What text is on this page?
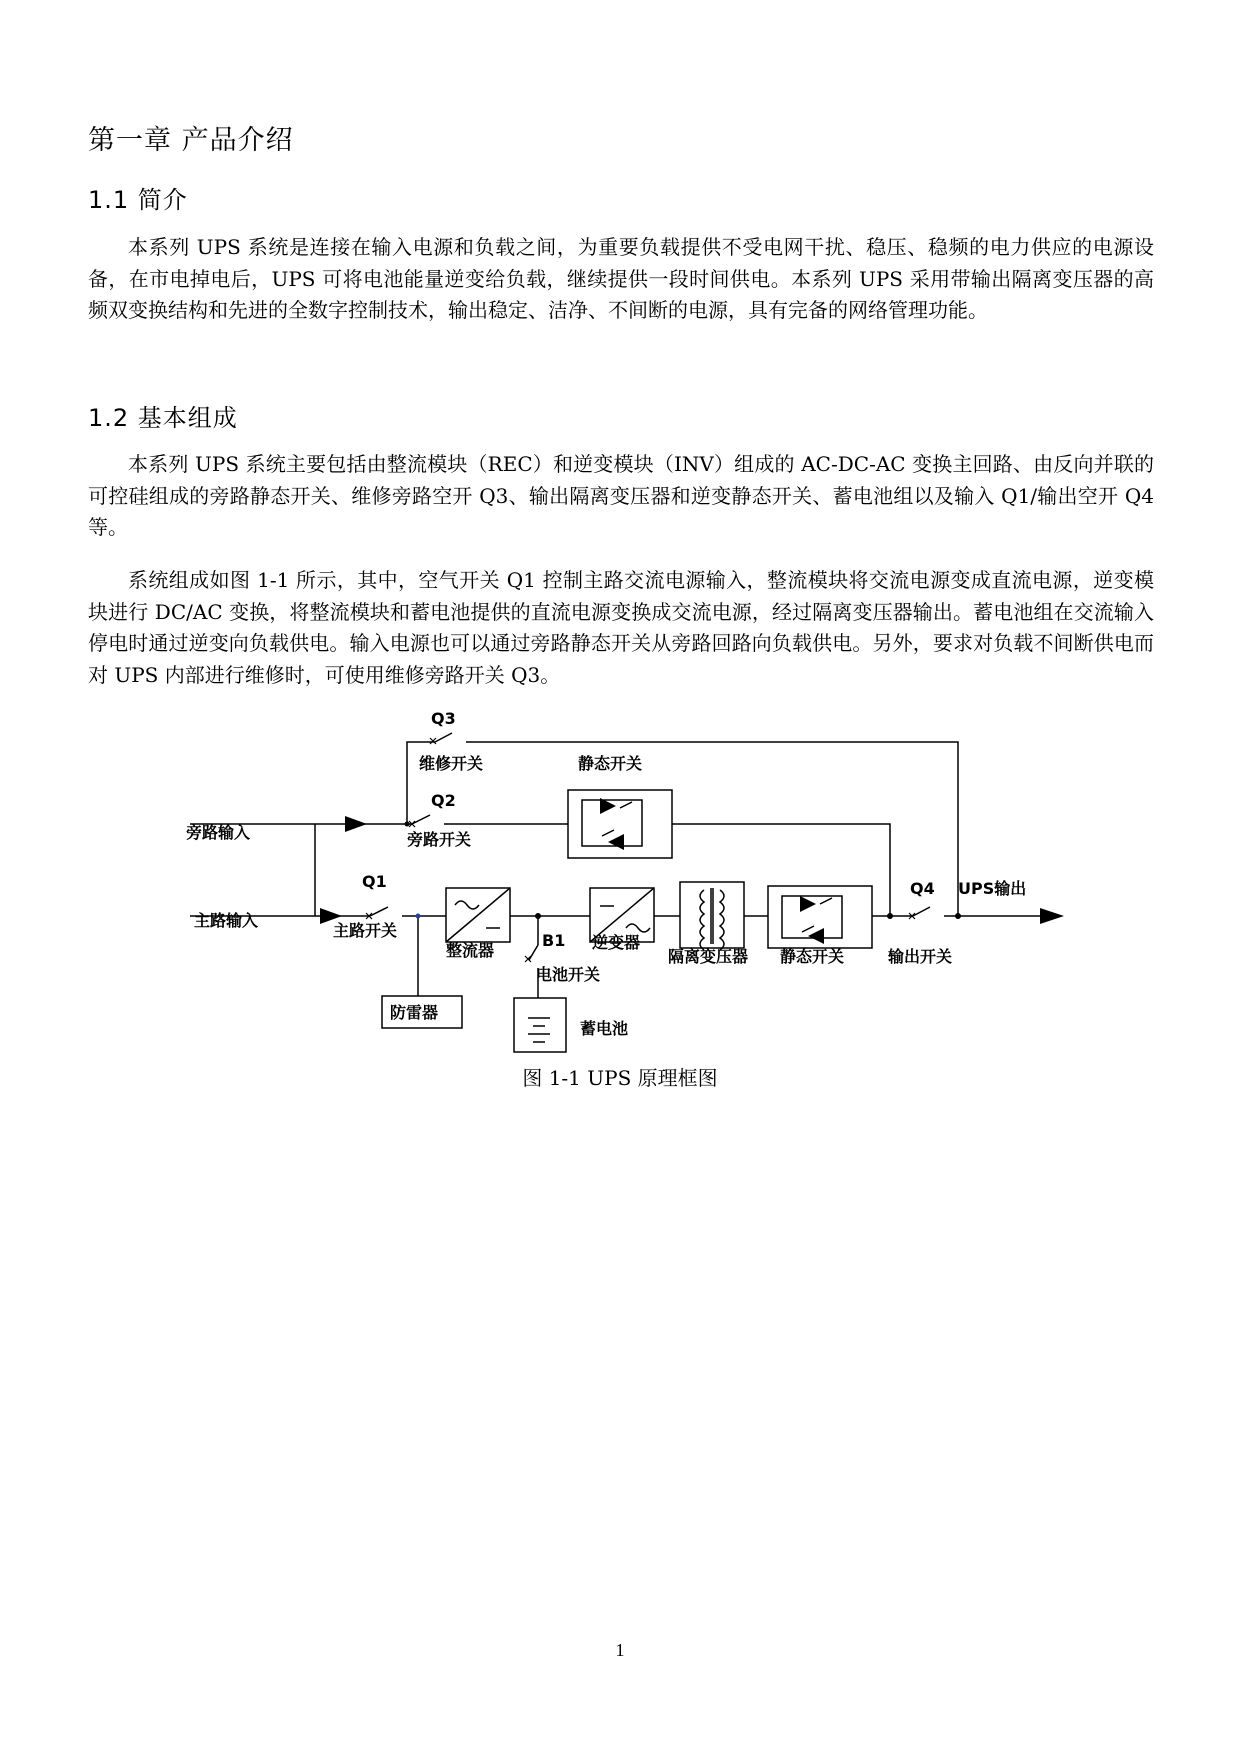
第一章 产品介绍
1.1 简介

本系列 UPS 系统是连接在输入电源和负载之间，为重要负载提供不受电网干扰、稳压、稳频的电力供应的电源设备，在市电掉电后，UPS 可将电池能量逆变给负载，继续提供一段时间供电。本系列 UPS 采用带输出隔离变压器的高频双变换结构和先进的全数字控制技术，输出稳定、洁净、不间断的电源，具有完备的网络管理功能。

1.2 基本组成

本系列 UPS 系统主要包括由整流模块（REC）和逆变模块（INV）组成的 AC-DC-AC 变换主回路、由反向并联的可控硅组成的旁路静态开关、维修旁路空开 Q3、输出隔离变压器和逆变静态开关、蓄电池组以及输入 Q1/输出空开 Q4 等。

系统组成如图 1-1 所示，其中，空气开关 Q1 控制主路交流电源输入，整流模块将交流电源变成直流电源，逆变模块进行 DC/AC 变换，将整流模块和蓄电池提供的直流电源变换成交流电源，经过隔离变压器输出。蓄电池组在交流输入停电时通过逆变向负载供电。输入电源也可以通过旁路静态开关从旁路回路向负载供电。另外，要求对负载不间断供电而对 UPS 内部进行维修时，可使用维修旁路开关 Q3。

Q3
维修开关	静态开关
Q2
旁路输入	旁路开关
Q1
主路输入
主路开关
整流器
B1 逆变器
电池开关
隔离变压器 静态开关
Q4 UPS输出
输出开关
防雷器
蓄电池
图 1-1 UPS 原理框图
1
